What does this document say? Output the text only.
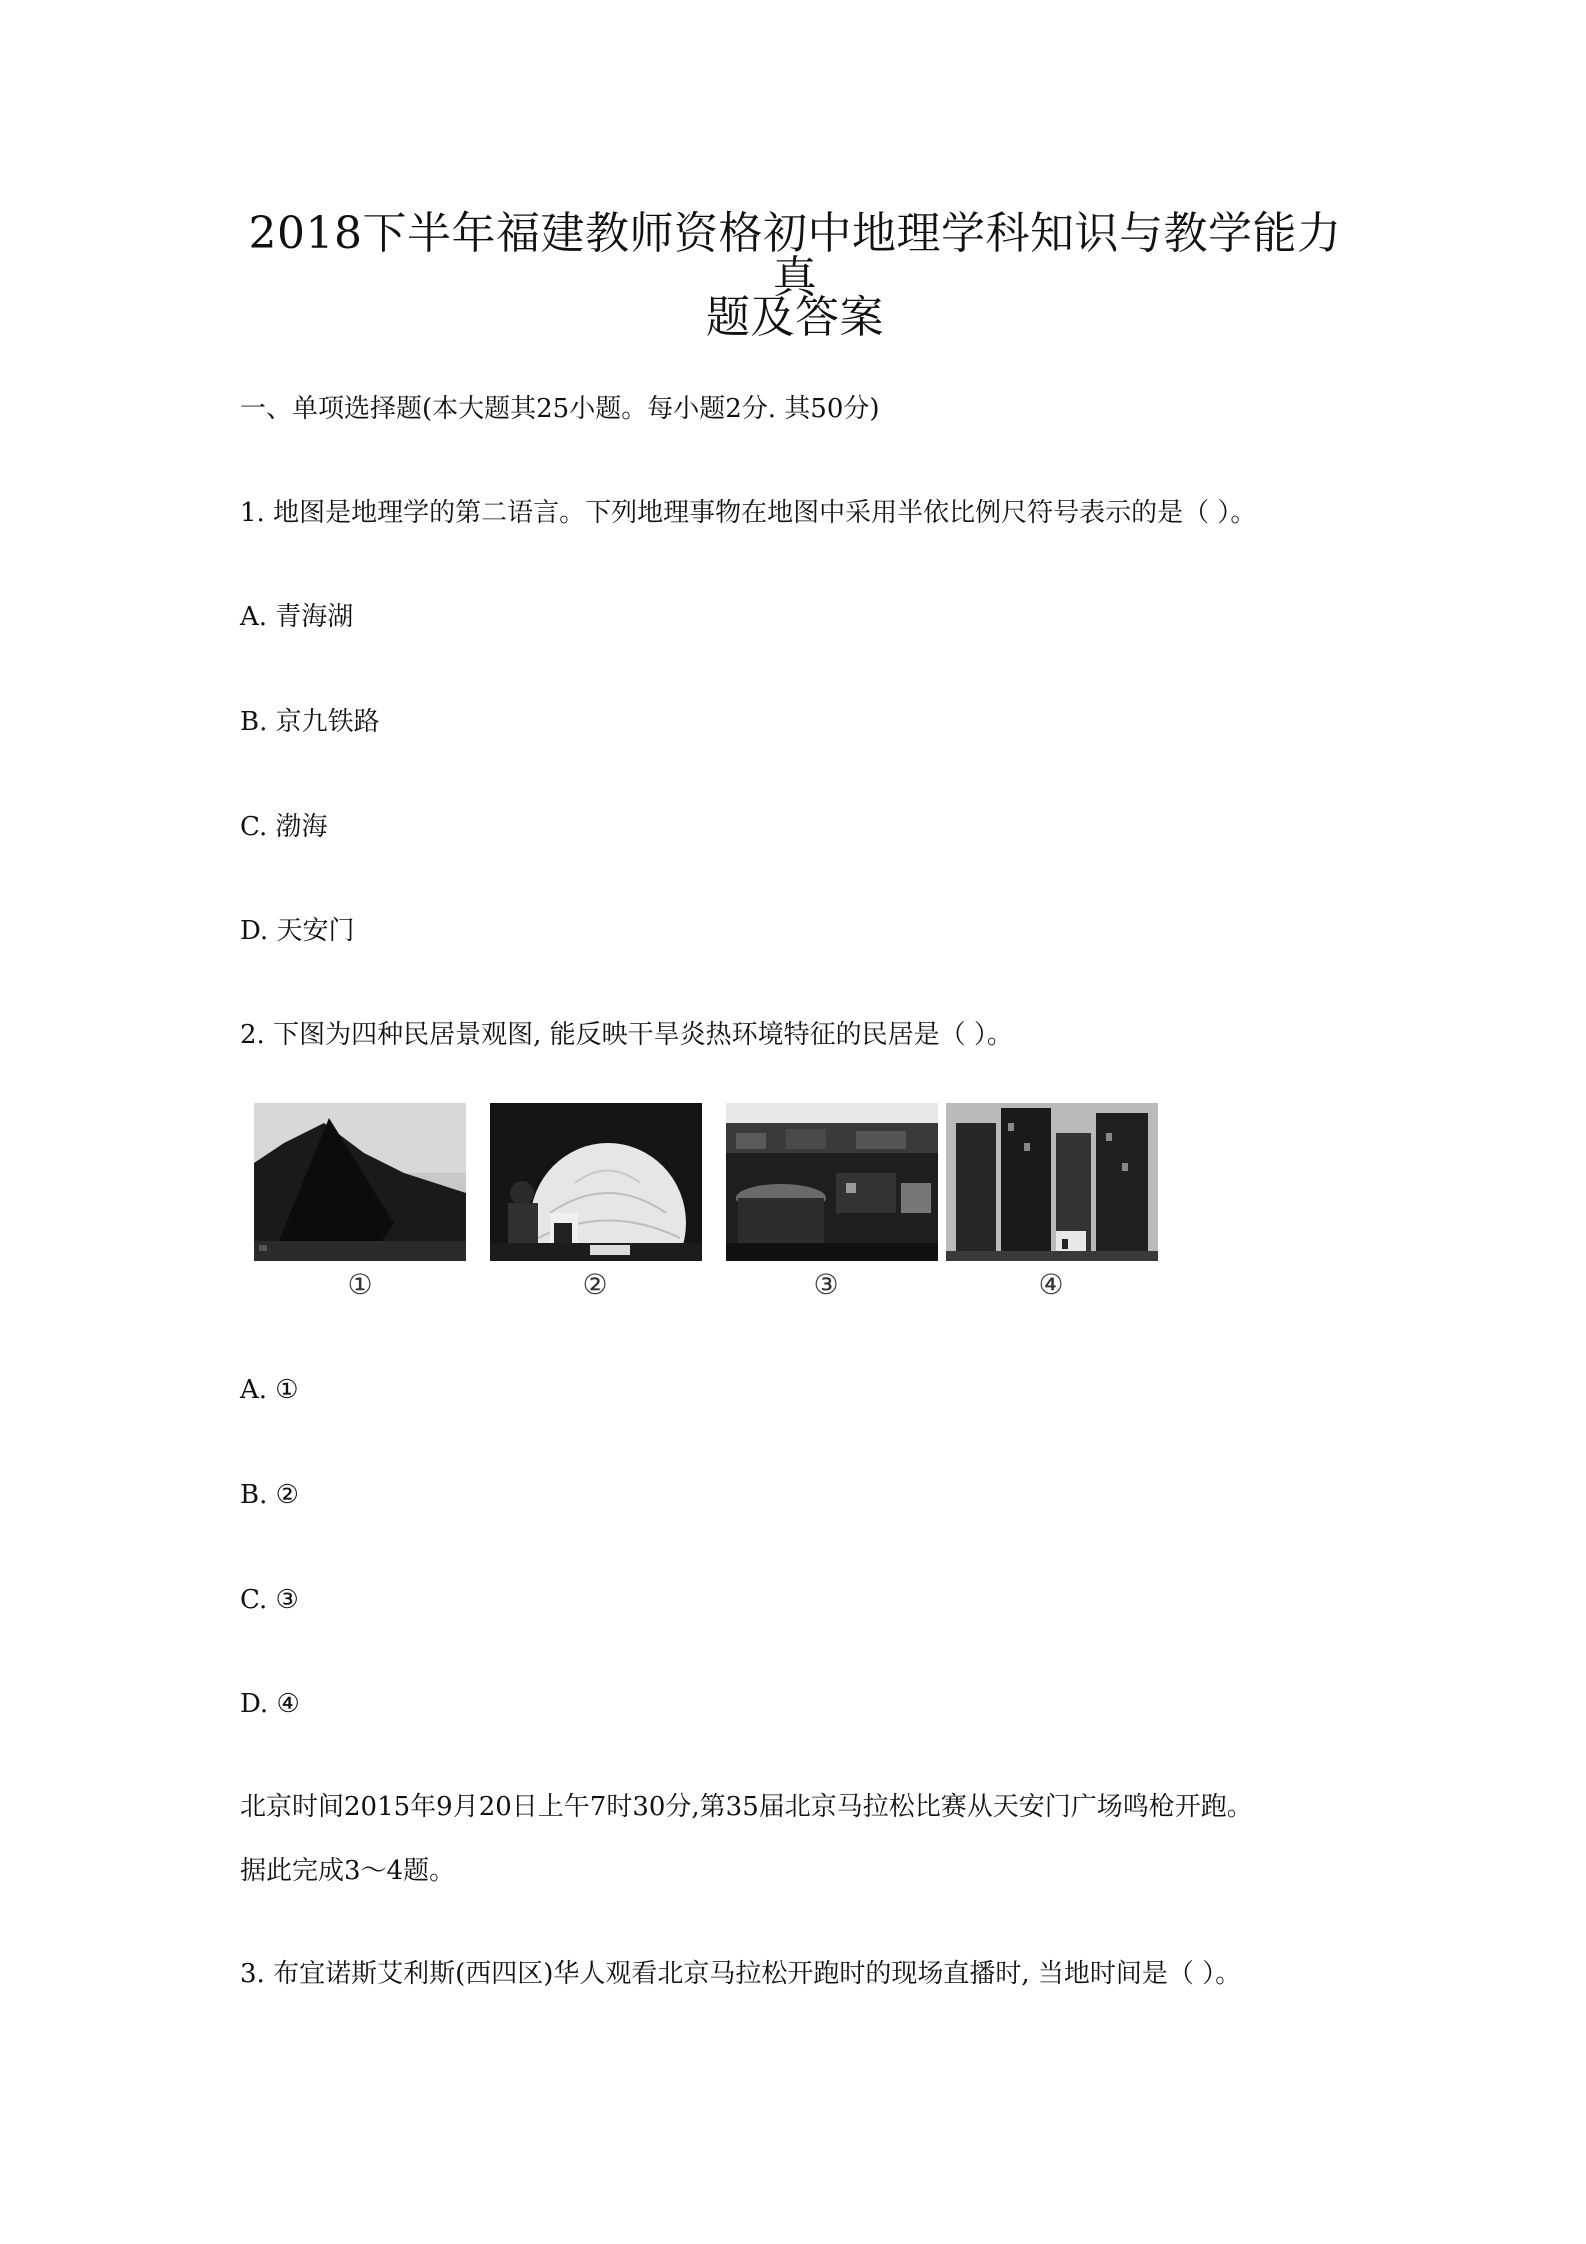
2018下半年福建教师资格初中地理学科知识与教学能力真
题及答案
一、单项选择题(本大题其25小题。每小题2分. 其50分)
1. 地图是地理学的第二语言。下列地理事物在地图中采用半依比例尺符号表示的是（ ）。
A. 青海湖
B. 京九铁路
C. 渤海
D. 天安门
2. 下图为四种民居景观图, 能反映干旱炎热环境特征的民居是（ ）。
①	②	③	④
A. ①
B. ②
C. ③
D. ④
北京时间2015年9月20日上午7时30分,第35届北京马拉松比赛从天安门广场鸣枪开跑。
据此完成3～4题。
3. 布宜诺斯艾利斯(西四区)华人观看北京马拉松开跑时的现场直播时, 当地时间是（ ）。
